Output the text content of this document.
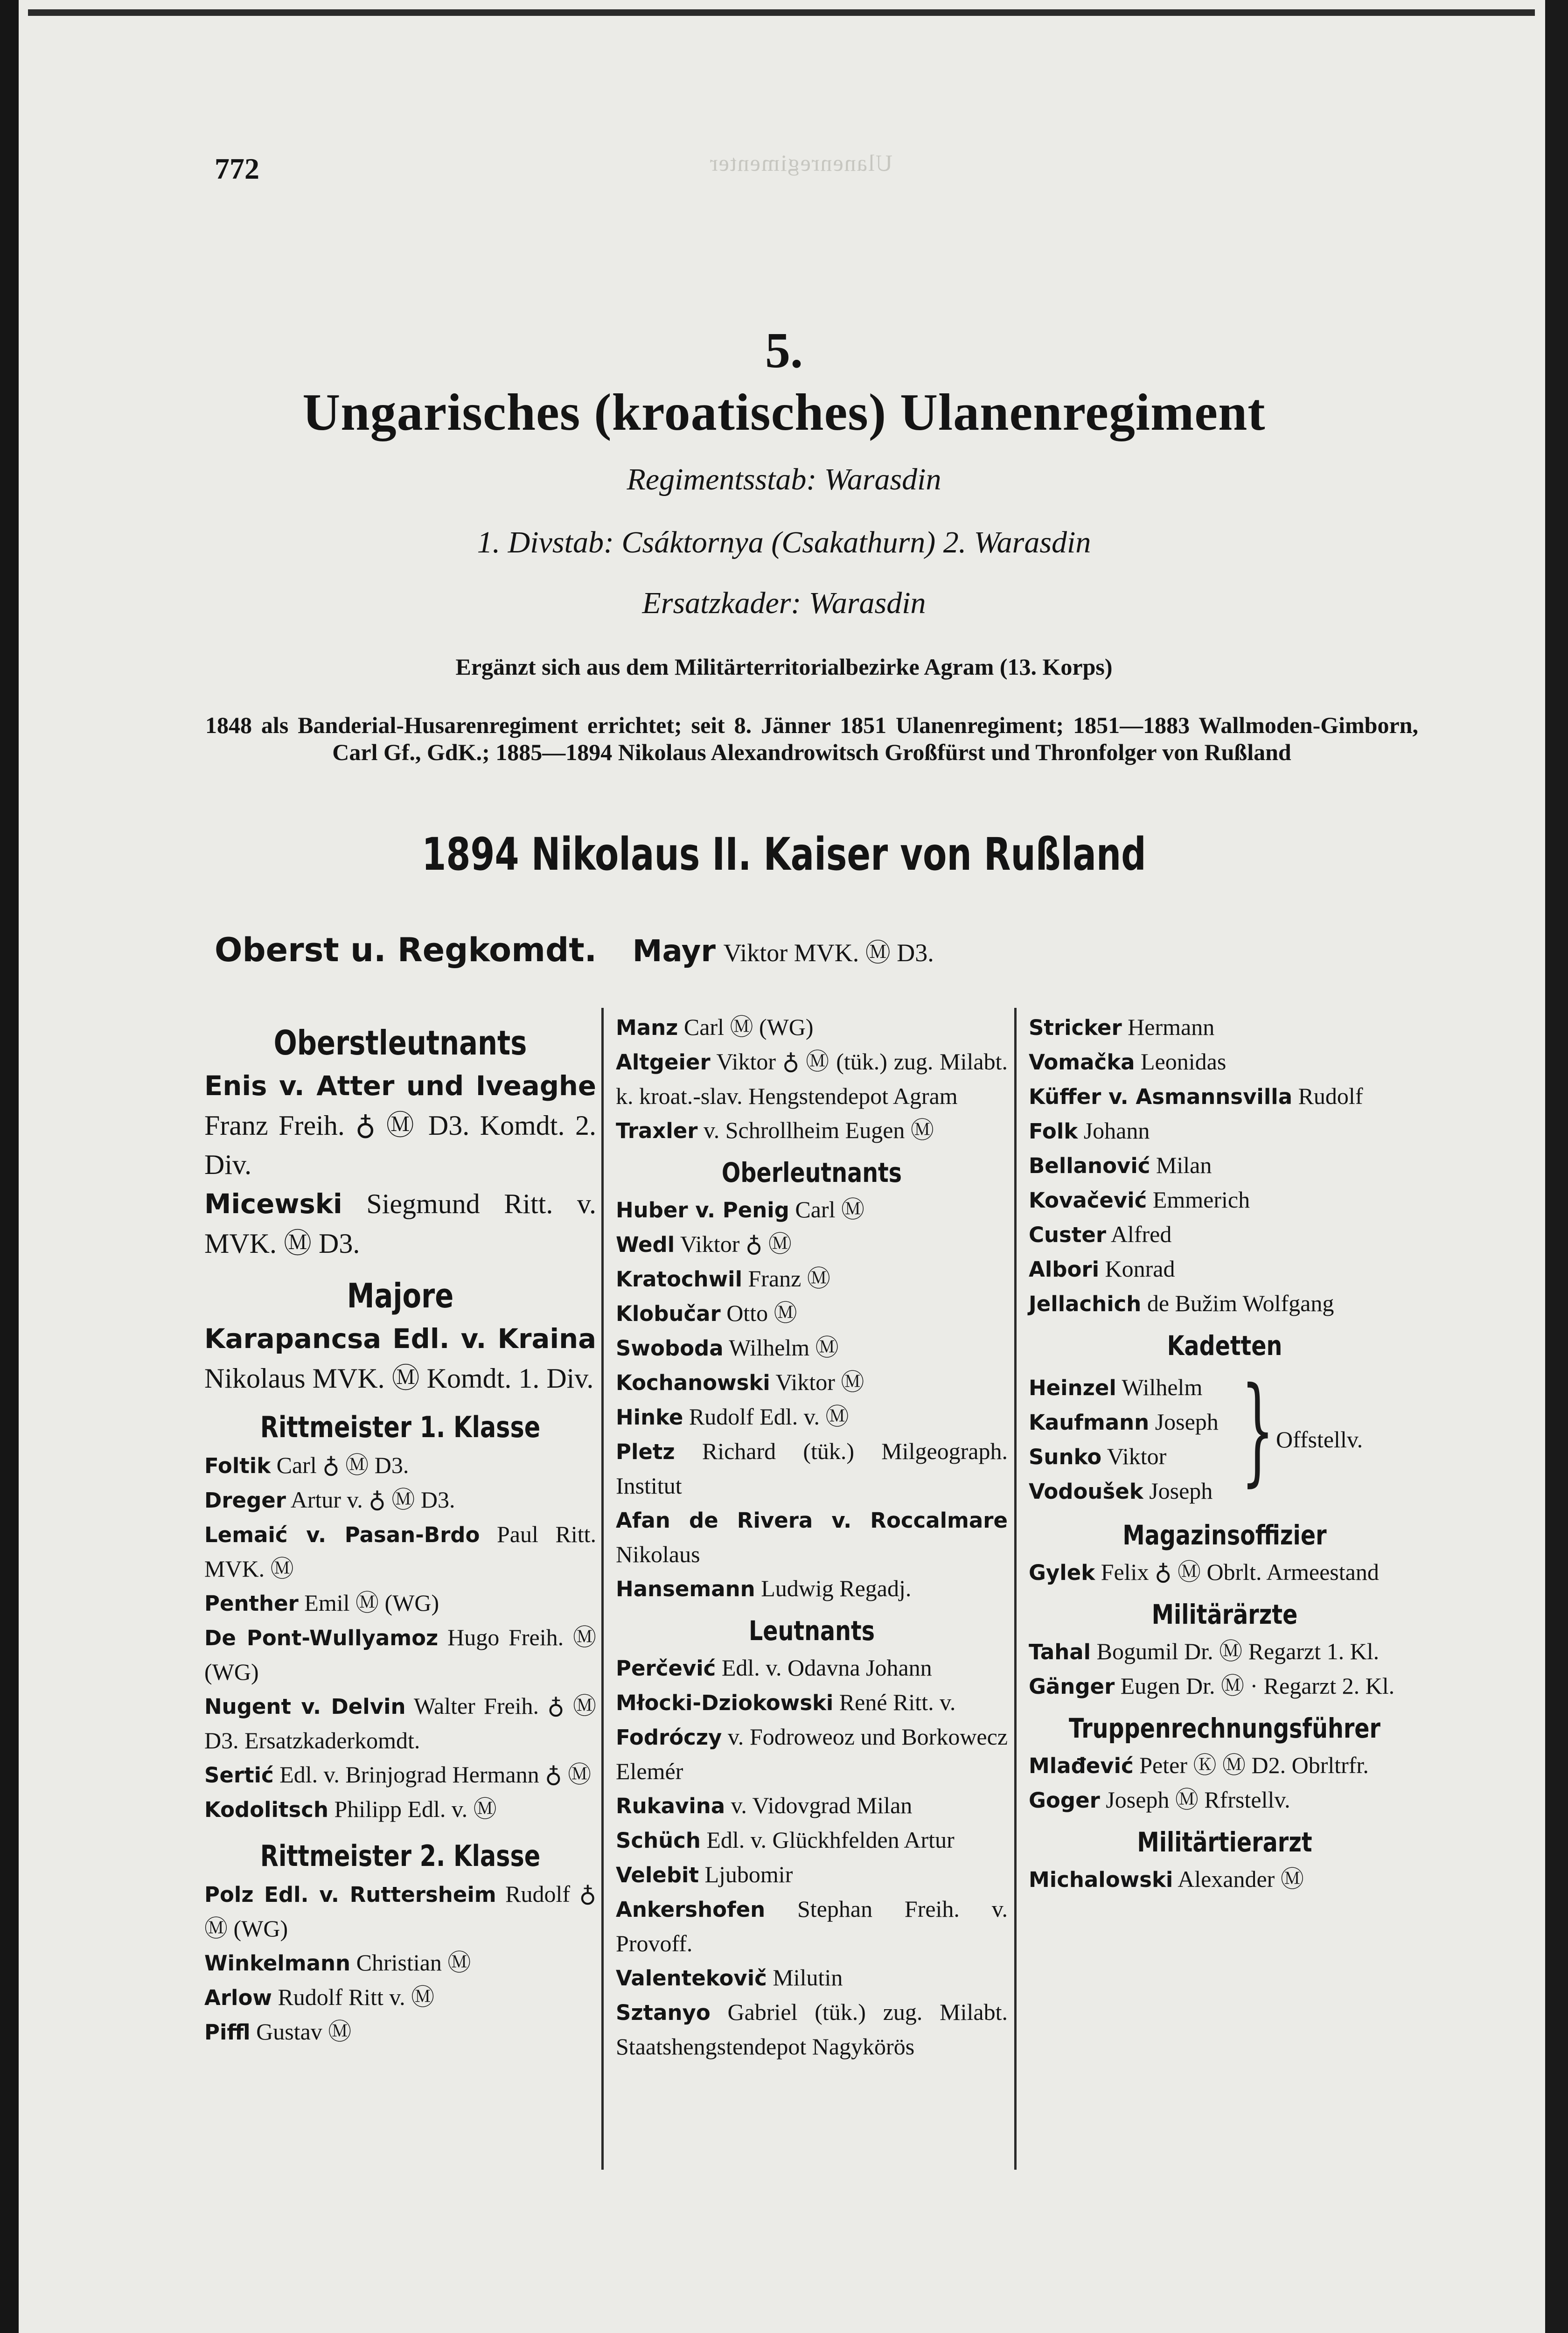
772	Ulanenregimenter
5.
Ungarisches (kroatisches) Ulanenregiment
Regimentsstab: Warasdin
1. Divstab: Csáktornya (Csakathurn) 2. Warasdin
Ersatzkader: Warasdin
Ergänzt sich aus dem Militärterritorialbezirke Agram (13. Korps)
1848 als Banderial-Husarenregiment errichtet; seit 8. Jänner 1851 Ulanenregiment; 1851—1883 Wallmoden-Gimborn, Carl Gf., GdK.; 1885—1894 Nikolaus Alexandrowitsch Großfürst und Thronfolger von Rußland
1894 Nikolaus II. Kaiser von Rußland
Oberst u. Regkomdt. Mayr Viktor MVK. Ⓜ D3.
Oberstleutnants
Enis v. Atter und Iveaghe Franz Freih. ♁ Ⓜ D3. Komdt. 2. Div.
Micewski Siegmund Ritt. v. MVK. Ⓜ D3.
Majore
Karapancsa Edl. v. Kraina Nikolaus MVK. Ⓜ Komdt. 1. Div.
Rittmeister 1. Klasse
Foltik Carl ♁ Ⓜ D3.
Dreger Artur v. ♁ Ⓜ D3.
Lemaić v. Pasan-Brdo Paul Ritt. MVK. Ⓜ
Penther Emil Ⓜ (WG)
De Pont-Wullyamoz Hugo Freih. Ⓜ (WG)
Nugent v. Delvin Walter Freih. ♁ Ⓜ D3. Ersatzkaderkomdt.
Sertić Edl. v. Brinjograd Hermann ♁ Ⓜ
Kodolitsch Philipp Edl. v. Ⓜ
Rittmeister 2. Klasse
Polz Edl. v. Ruttersheim Rudolf ♁ Ⓜ (WG)
Winkelmann Christian Ⓜ
Arlow Rudolf Ritt v. Ⓜ
Piffl Gustav Ⓜ
Manz Carl Ⓜ (WG)
Altgeier Viktor ♁ Ⓜ (tük.) zug. Milabt. k. kroat.-slav. Hengstendepot Agram
Traxler v. Schrollheim Eugen Ⓜ
Oberleutnants
Huber v. Penig Carl Ⓜ
Wedl Viktor ♁ Ⓜ
Kratochwil Franz Ⓜ
Klobučar Otto Ⓜ
Swoboda Wilhelm Ⓜ
Kochanowski Viktor Ⓜ
Hinke Rudolf Edl. v. Ⓜ
Pletz Richard (tük.) Milgeograph. Institut
Afan de Rivera v. Roccalmare Nikolaus
Hansemann Ludwig Regadj.
Leutnants
Perčević Edl. v. Odavna Johann
Młocki-Dziokowski René Ritt. v.
Fodróczy v. Fodroweoz und Borkowecz Elemér
Rukavina v. Vidovgrad Milan
Schüch Edl. v. Glückhfelden Artur
Velebit Ljubomir
Ankershofen Stephan Freih. v. Provoff.
Valentekovič Milutin
Sztanyo Gabriel (tük.) zug. Milabt. Staatshengstendepot Nagykörös
Stricker Hermann
Vomačka Leonidas
Küffer v. Asmannsvilla Rudolf
Folk Johann
Bellanović Milan
Kovačević Emmerich
Custer Alfred
Albori Konrad
Jellachich de Bužim Wolfgang
Kadetten
Heinzel Wilhelm
Kaufmann Joseph
Sunko Viktor
Vodoušek Joseph } Offstellv.
Magazinsoffizier
Gylek Felix ♁ Ⓜ Obrlt. Armeestand
Militärärzte
Tahal Bogumil Dr. Ⓜ Regarzt 1. Kl.
Gänger Eugen Dr. Ⓜ · Regarzt 2. Kl.
Truppenrechnungsführer
Mlađević Peter Ⓚ Ⓜ D2. Obrltrfr.
Goger Joseph Ⓜ Rfrstellv.
Militärtierarzt
Michalowski Alexander Ⓜ
